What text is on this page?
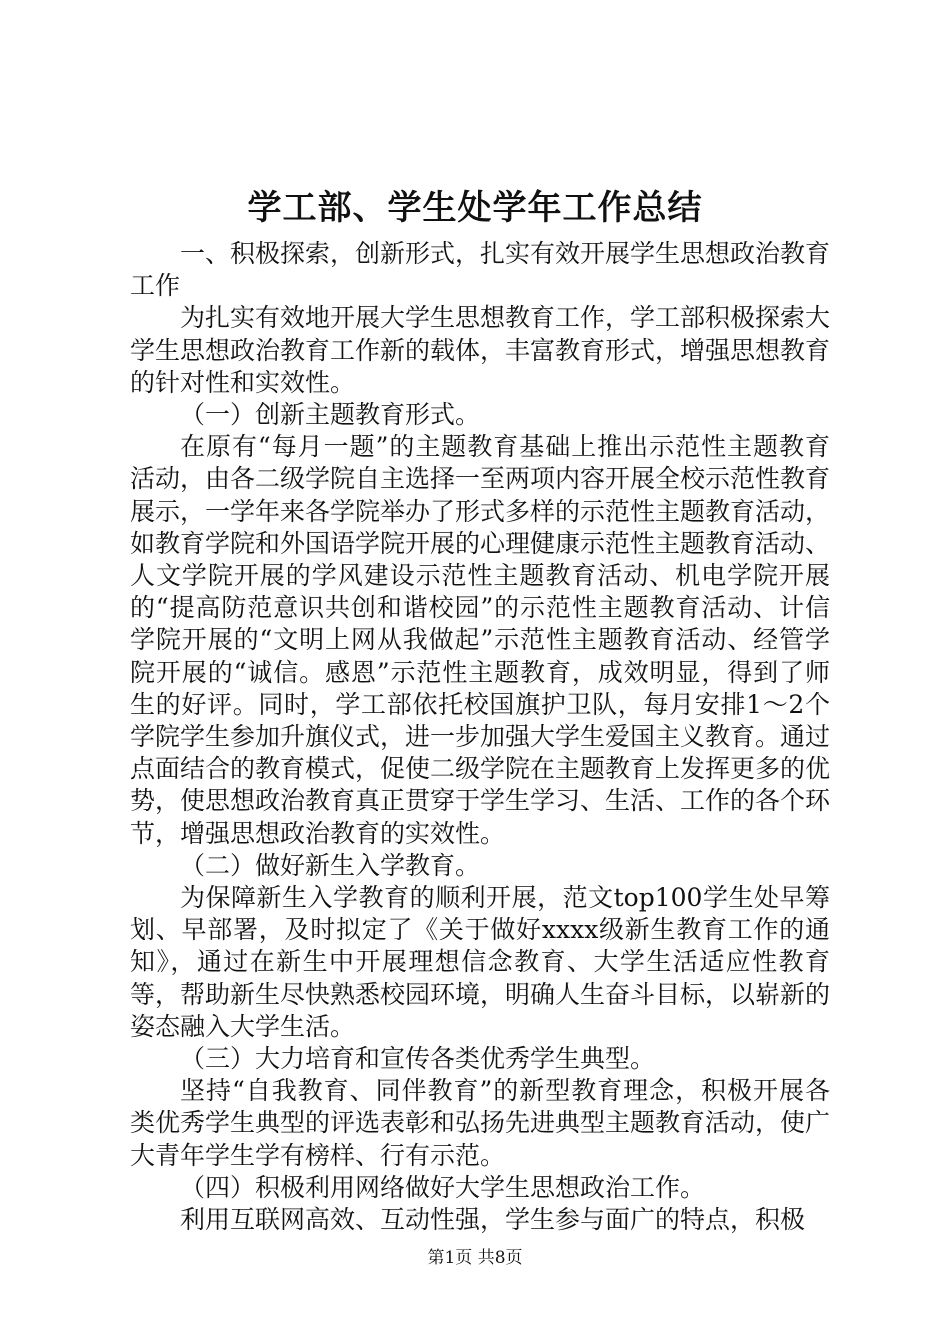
学工部、学生处学年工作总结

一、积极探索，创新形式，扎实有效开展学生思想政治教育工作

为扎实有效地开展大学生思想教育工作，学工部积极探索大学生思想政治教育工作新的载体，丰富教育形式，增强思想教育的针对性和实效性。

（一）创新主题教育形式。

在原有“每月一题”的主题教育基础上推出示范性主题教育活动，由各二级学院自主选择一至两项内容开展全校示范性教育展示，一学年来各学院举办了形式多样的示范性主题教育活动，如教育学院和外国语学院开展的心理健康示范性主题教育活动、人文学院开展的学风建设示范性主题教育活动、机电学院开展的“提高防范意识共创和谐校园”的示范性主题教育活动、计信学院开展的“文明上网从我做起”示范性主题教育活动、经管学院开展的“诚信。感恩”示范性主题教育，成效明显，得到了师生的好评。同时，学工部依托校国旗护卫队，每月安排1～2个学院学生参加升旗仪式，进一步加强大学生爱国主义教育。通过点面结合的教育模式，促使二级学院在主题教育上发挥更多的优势，使思想政治教育真正贯穿于学生学习、生活、工作的各个环节，增强思想政治教育的实效性。

（二）做好新生入学教育。

为保障新生入学教育的顺利开展，范文top100学生处早筹划、早部署，及时拟定了《关于做好xxxx级新生教育工作的通知》，通过在新生中开展理想信念教育、大学生活适应性教育等，帮助新生尽快熟悉校园环境，明确人生奋斗目标，以崭新的姿态融入大学生活。

（三）大力培育和宣传各类优秀学生典型。

坚持“自我教育、同伴教育”的新型教育理念，积极开展各类优秀学生典型的评选表彰和弘扬先进典型主题教育活动，使广大青年学生学有榜样、行有示范。

（四）积极利用网络做好大学生思想政治工作。

利用互联网高效、互动性强，学生参与面广的特点，积极

第1页 共8页
